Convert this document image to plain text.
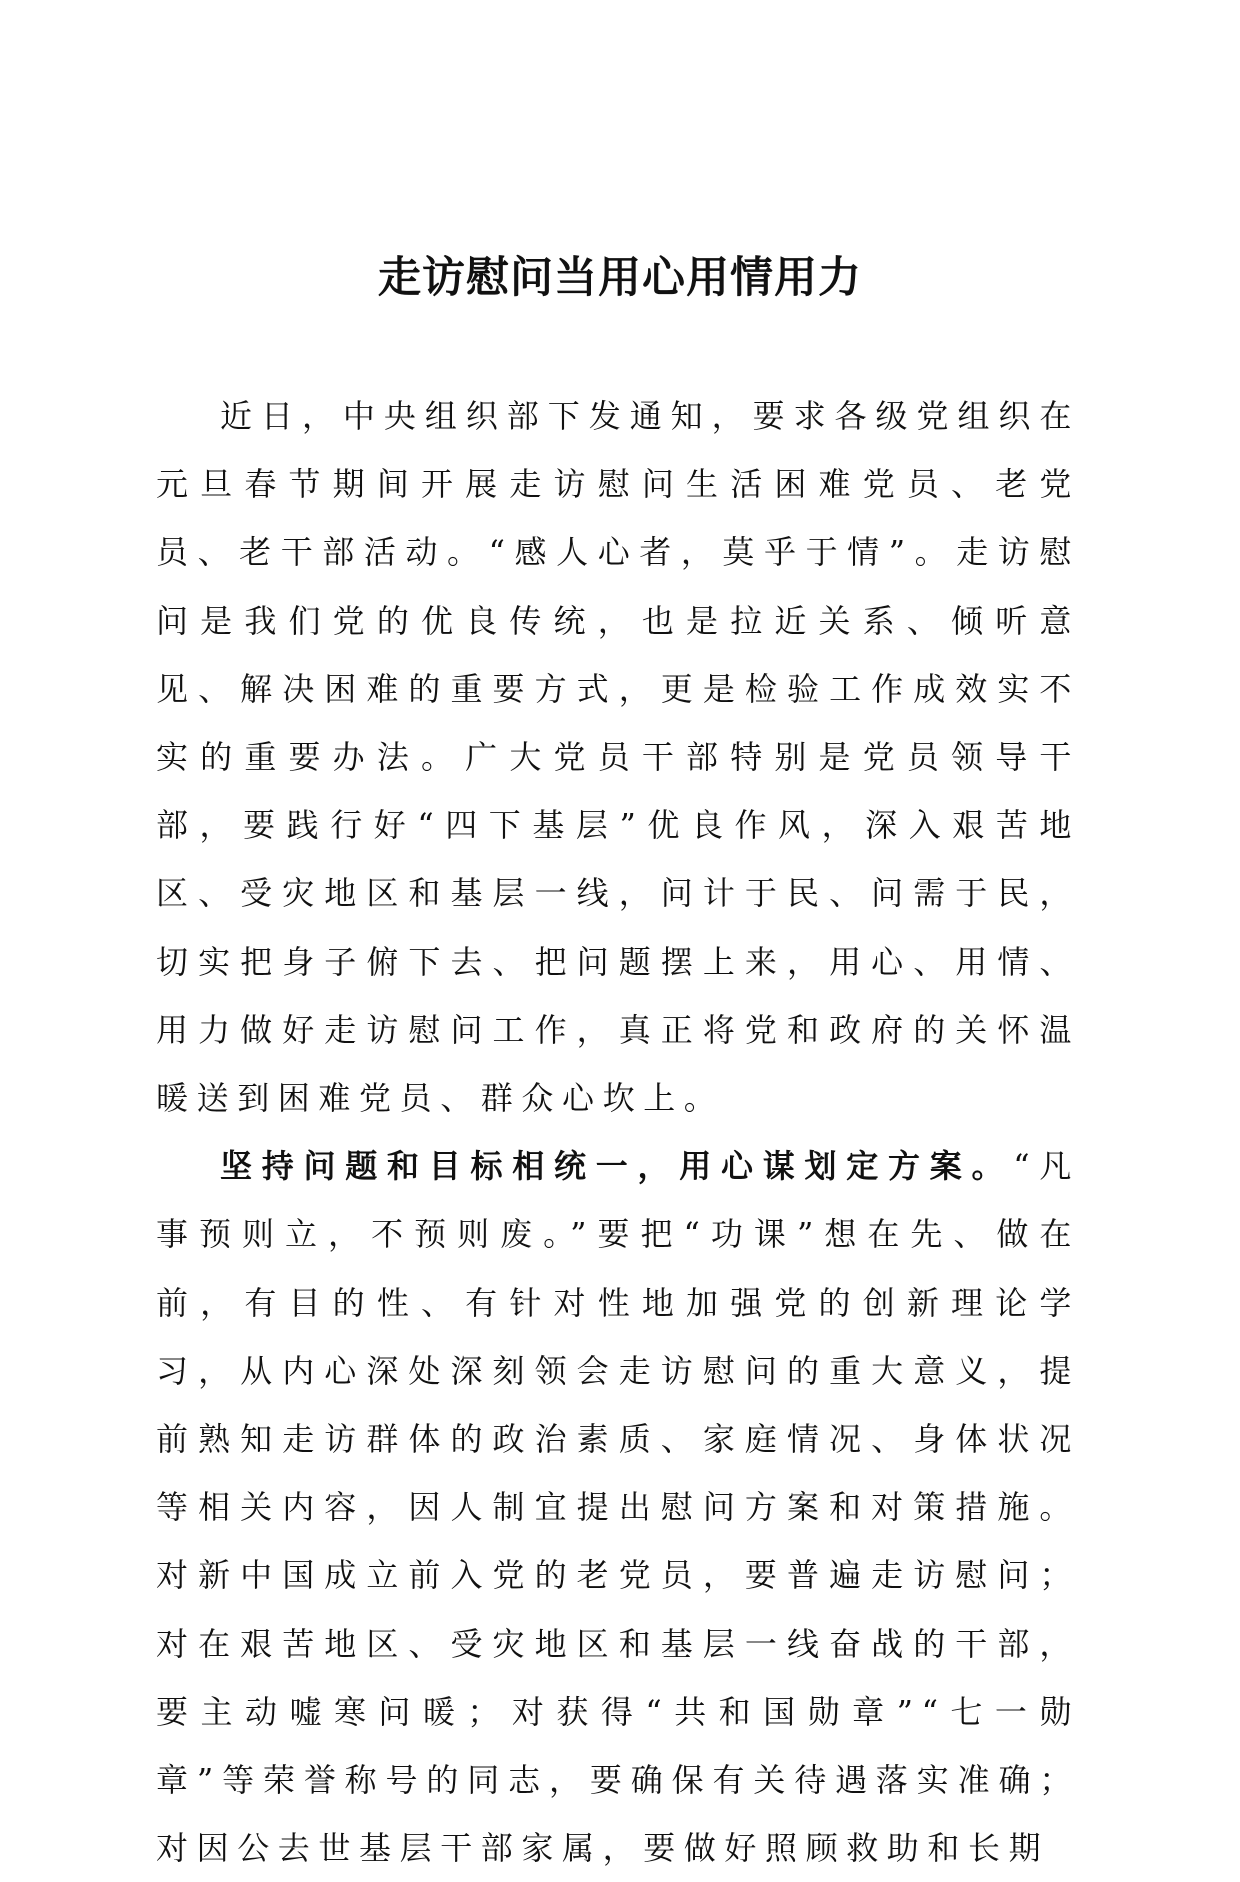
走访慰问当用心用情用力

近日，中央组织部下发通知，要求各级党组织在元旦春节期间开展走访慰问生活困难党员、老党员、老干部活动。“感人心者，莫乎于情”。走访慰问是我们党的优良传统，也是拉近关系、倾听意见、解决困难的重要方式，更是检验工作成效实不实的重要办法。广大党员干部特别是党员领导干部，要践行好“四下基层”优良作风，深入艰苦地区、受灾地区和基层一线，问计于民、问需于民，切实把身子俯下去、把问题摆上来，用心、用情、用力做好走访慰问工作，真正将党和政府的关怀温暖送到困难党员、群众心坎上。

坚持问题和目标相统一，用心谋划定方案。“凡事预则立，不预则废。”要把“功课”想在先、做在前，有目的性、有针对性地加强党的创新理论学习，从内心深处深刻领会走访慰问的重大意义，提前熟知走访群体的政治素质、家庭情况、身体状况等相关内容，因人制宜提出慰问方案和对策措施。对新中国成立前入党的老党员，要普遍走访慰问；对在艰苦地区、受灾地区和基层一线奋战的干部，要主动嘘寒问暖；对获得“共和国勋章”“七一勋章”等荣誉称号的同志，要确保有关待遇落实准确；对因公去世基层干部家属，要做好照顾救助和长期
